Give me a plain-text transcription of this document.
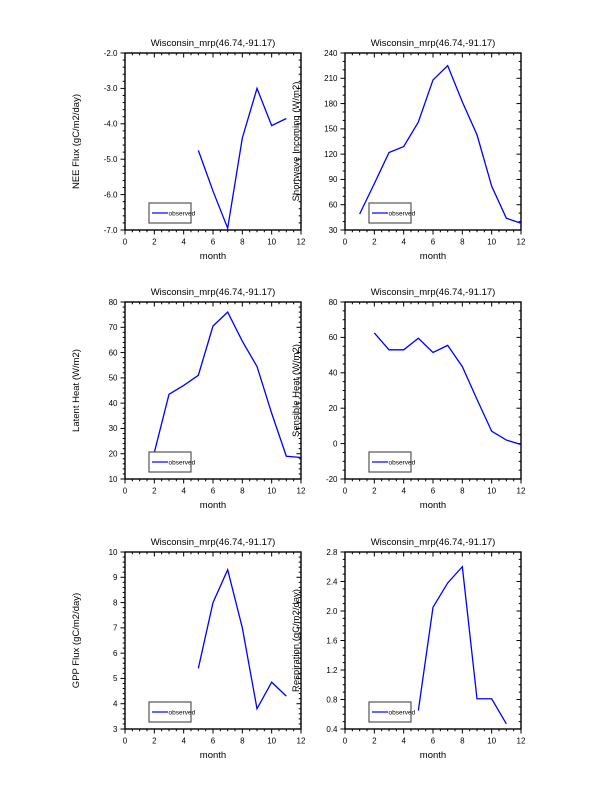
Wisconsin_mrp(46.74,-91.17)
0	2	4	6	8	10	12
-7.0
-6.0
-5.0
-4.0
-3.0
-2.0
month
NEE Flux (gC/m2/day)
observed
Wisconsin_mrp(46.74,-91.17)
0	2	4	6	8	10	12
30
60
90
120
150
180
210
240
month
Shortwave Incoming (W/m2)
observed
Wisconsin_mrp(46.74,-91.17)
0	2	4	6	8	10	12
10
20
30
40
50
60
70
80
month
Latent Heat (W/m2)
observed
Wisconsin_mrp(46.74,-91.17)
0	2	4	6	8	10	12
-20
0
20
40
60
80
month
Sensible Heat (W/m2)
observed
Wisconsin_mrp(46.74,-91.17)
0	2	4	6	8	10	12
3
4
5
6
7
8
9
10
month
GPP Flux (gC/m2/day)
observed
Wisconsin_mrp(46.74,-91.17)
0	2	4	6	8	10	12
0.4
0.8
1.2
1.6
2.0
2.4
2.8
month
Respiration (gC/m2/day)
observed
